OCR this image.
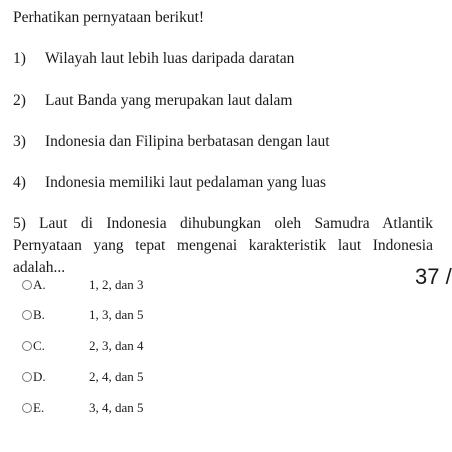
Perhatikan pernyataan berikut!
1) Wilayah laut lebih luas daripada daratan
2) Laut Banda yang merupakan laut dalam
3) Indonesia dan Filipina berbatasan dengan laut
4) Indonesia memiliki laut pedalaman yang luas
5) Laut di Indonesia dihubungkan oleh Samudra Atlantik
Pernyataan yang tepat mengenai karakteristik laut Indonesia
adalah...	37 /
A.	1, 2, dan 3
B.	1, 3, dan 5
C.	2, 3, dan 4
D.	2, 4, dan 5
E.	3, 4, dan 5
